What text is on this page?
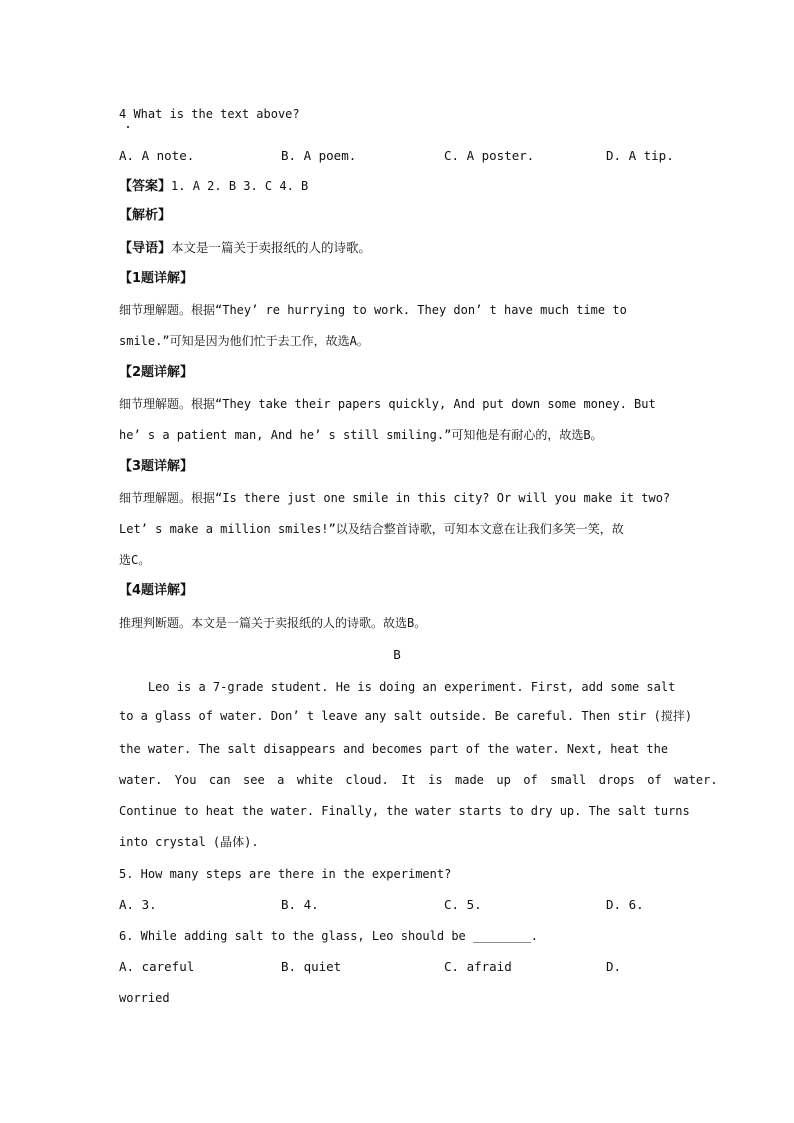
4 What is the text above?
A. A note.	B. A poem.	C. A poster.	D. A tip.
【答案】1. A 2. B 3. C 4. B
【解析】
【导语】本文是一篇关于卖报纸的人的诗歌。
【1题详解】
细节理解题。根据“They’ re hurrying to work. They don’ t have much time to
smile.”可知是因为他们忙于去工作，故选A。
【2题详解】
细节理解题。根据“They take their papers quickly, And put down some money. But
he’ s a patient man, And he’ s still smiling.”可知他是有耐心的，故选B。
【3题详解】
细节理解题。根据“Is there just one smile in this city? Or will you make it two?
Let’ s make a million smiles!”以及结合整首诗歌，可知本文意在让我们多笑一笑，故
选C。
【4题详解】
推理判断题。本文是一篇关于卖报纸的人的诗歌。故选B。
B
Leo is a 7-grade student. He is doing an experiment. First, add some salt
to a glass of water. Don’ t leave any salt outside. Be careful. Then stir (搅拌)
the water. The salt disappears and becomes part of the water. Next, heat the
water.  You  can  see  a  white  cloud.  It  is  made  up  of  small  drops  of  water.
Continue to heat the water. Finally, the water starts to dry up. The salt turns
into crystal (晶体).
5. How many steps are there in the experiment?
A. 3.	B. 4.	C. 5.	D. 6.
6. While adding salt to the glass, Leo should be ________.
A. careful	B. quiet	C. afraid	D.
worried
